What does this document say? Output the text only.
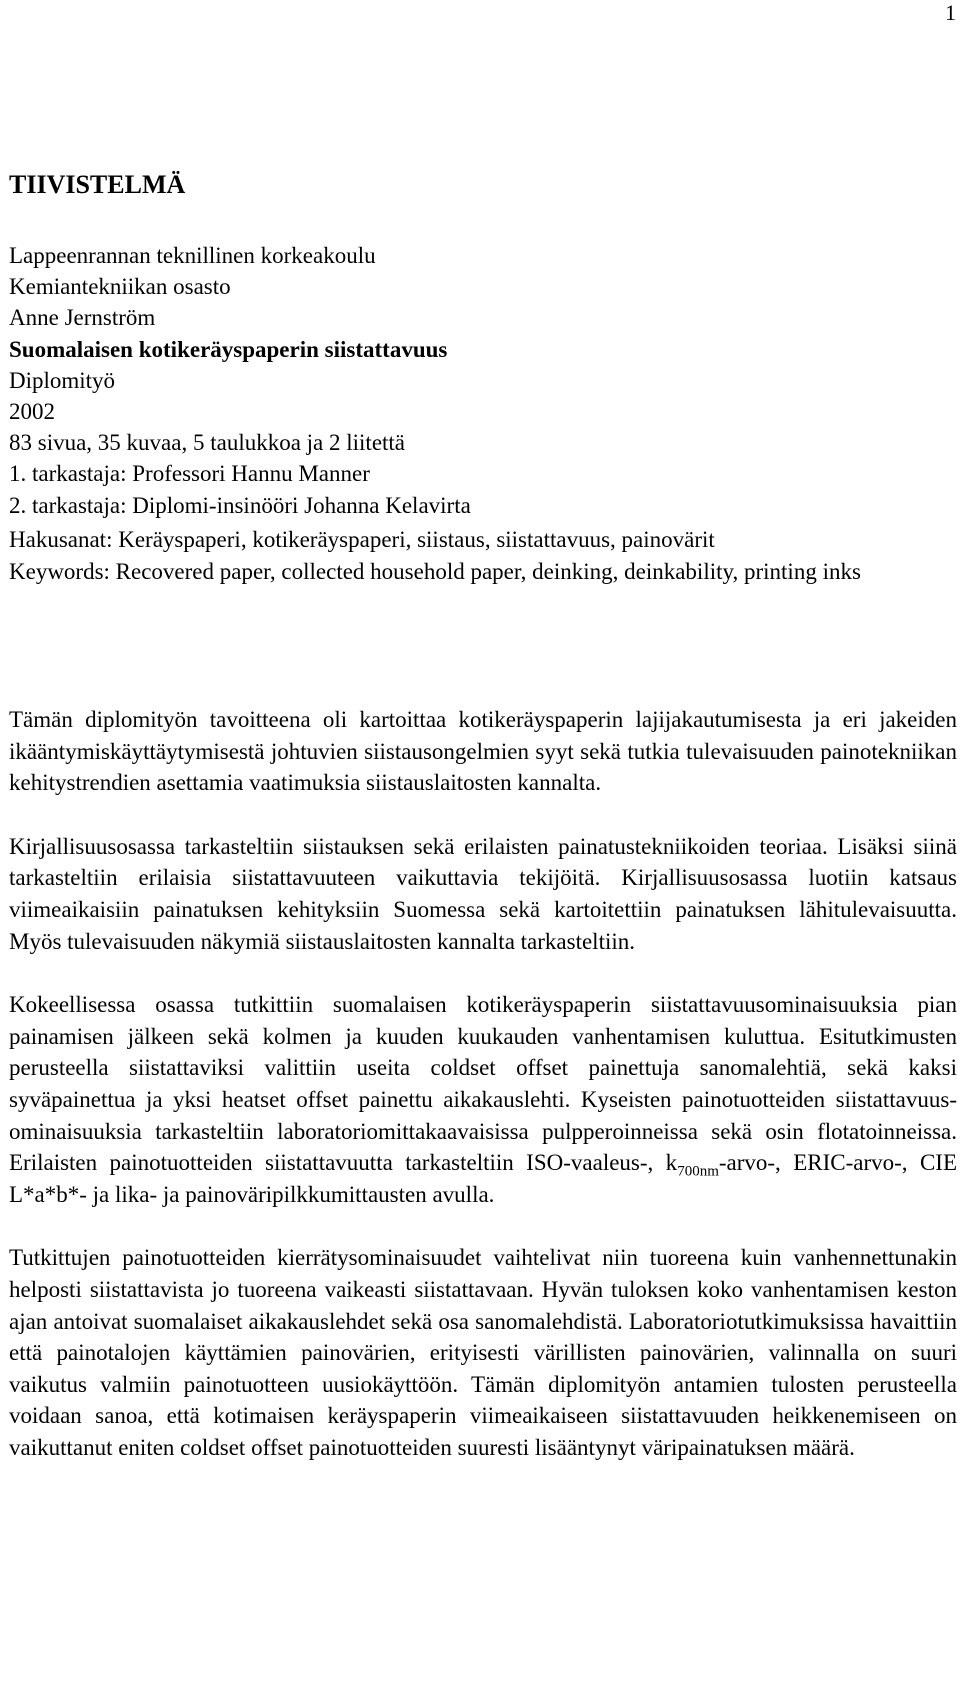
1
TIIVISTELMÄ
Lappeenrannan teknillinen korkeakoulu
Kemiantekniikan osasto
Anne Jernström
Suomalaisen kotikeräyspaperin siistattavuus
Diplomityö
2002
83 sivua, 35 kuvaa, 5 taulukkoa ja 2 liitettä
1. tarkastaja: Professori Hannu Manner
2. tarkastaja: Diplomi-insinööri Johanna Kelavirta

Hakusanat: Keräyspaperi, kotikeräyspaperi, siistaus, siistattavuus, painovärit

Keywords: Recovered paper, collected household paper, deinking, deinkability, printing inks

Tämän diplomityön tavoitteena oli kartoittaa kotikeräyspaperin lajijakautumisesta ja eri jakeiden ikääntymiskäyttäytymisestä johtuvien siistausongelmien syyt sekä tutkia tulevaisuuden painotekniikan kehitystrendien asettamia vaatimuksia siistauslaitosten kannalta.

Kirjallisuusosassa tarkasteltiin siistauksen sekä erilaisten painatustekniikoiden teoriaa. Lisäksi siinä tarkasteltiin erilaisia siistattavuuteen vaikuttavia tekijöitä. Kirjallisuusosassa luotiin katsaus viimeaikaisiin painatuksen kehityksiin Suomessa sekä kartoitettiin painatuksen lähitulevaisuutta. Myös tulevaisuuden näkymiä siistauslaitosten kannalta tarkasteltiin.

Kokeellisessa osassa tutkittiin suomalaisen kotikeräyspaperin siistattavuusominaisuuksia pian painamisen jälkeen sekä kolmen ja kuuden kuukauden vanhentamisen kuluttua. Esitutkimusten perusteella siistattaviksi valittiin useita coldset offset painettuja sanomalehtiä, sekä kaksi syväpainettua ja yksi heatset offset painettu aikakauslehti. Kyseisten painotuotteiden siistattavuus-ominaisuuksia tarkasteltiin laboratoriomittakaavaisissa pulpperoinneissa sekä osin flotatoinneissa. Erilaisten painotuotteiden siistattavuutta tarkasteltiin ISO-vaaleus-, $k_{700nm}-arvo-$, ERIC-arvo-, CIE L*a*b*- ja lika- ja painoväripilkkumittausten avulla.

Tutkittujen painotuotteiden kierrätysominaisuudet vaihtelivat niin tuoreena kuin vanhennettunakin helposti siistattavista jo tuoreena vaikeasti siistattavaan. Hyvän tuloksen koko vanhentamisen keston ajan antoivat suomalaiset aikakauslehdet sekä osa sanomalehdistä. Laboratoriotutkimuksissa havaittiin että painotalojen käyttämien painovärien, erityisesti värillisten painovärien, valinnalla on suuri vaikutus valmiin painotuotteen uusiokäyttöön. Tämän diplomityön antamien tulosten perusteella voidaan sanoa, että kotimaisen keräyspaperin viimeaikaiseen siistattavuuden heikkenemiseen on vaikuttanut eniten coldset offset painotuotteiden suuresti lisääntynyt väripainatuksen määrä.
